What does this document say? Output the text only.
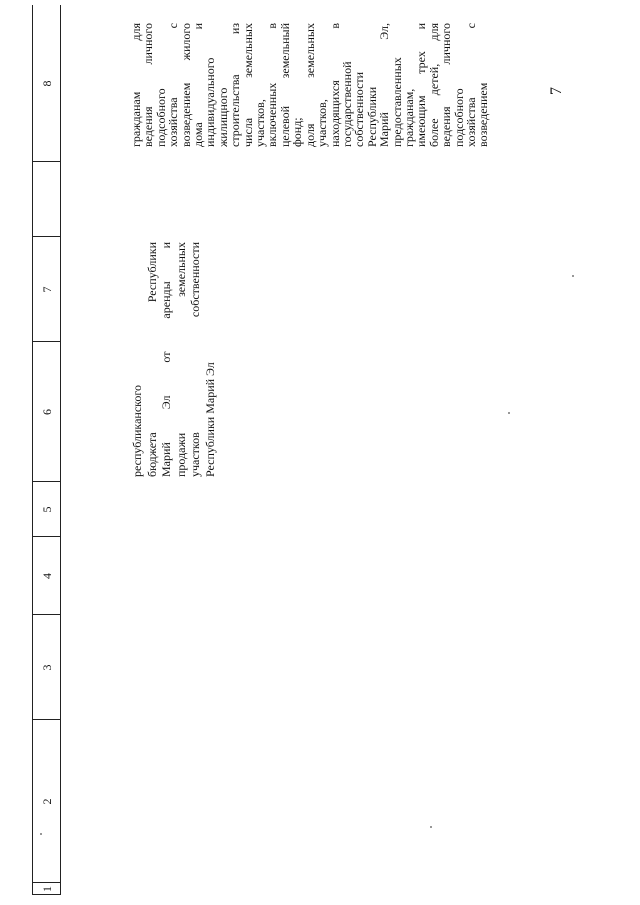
7
1
2
3
4
5
6
7
8
республиканского бюджета Республики Марий Эл от аренды и продажи земельных участков собственности Республики Марий Эл
гражданам для
ведения личного
подсобного
хозяйства с
возведением жилого
дома и
индивидуального
жилищного
строительства из
числа земельных
участков,
включенных в
целевой земельный
фонд;
доля земельных
участков,
находящихся в
государственной
собственности
Республики
Марий Эл,
предоставленных
гражданам,
имеющим трех и
более детей, для
ведения личного
подсобного
хозяйства с
возведением
